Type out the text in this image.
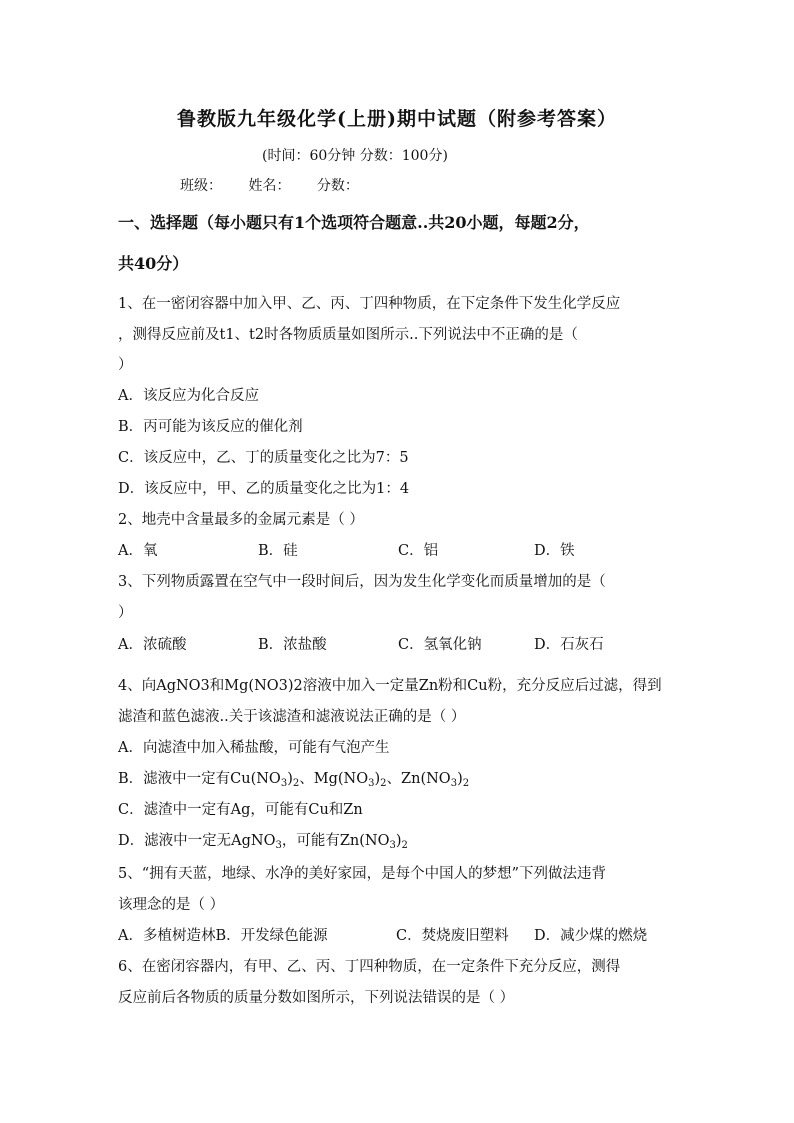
鲁教版九年级化学(上册)期中试题（附参考答案）
(时间：60分钟 分数：100分)
班级： 姓名： 分数：
一、选择题（每小题只有1个选项符合题意..共20小题，每题2分，
共40分）
1、在一密闭容器中加入甲、乙、丙、丁四种物质，在下定条件下发生化学反应
，测得反应前及t1、t2时各物质质量如图所示..下列说法中不正确的是（
）
A．该反应为化合反应
B．丙可能为该反应的催化剂
C．该反应中，乙、丁的质量变化之比为7：5
D．该反应中，甲、乙的质量变化之比为1：4
2、地壳中含量最多的金属元素是（ ）
A．氧	B．硅	C．铝	D．铁
3、下列物质露置在空气中一段时间后，因为发生化学变化而质量增加的是（
）
A．浓硫酸	B．浓盐酸	C．氢氧化钠	D．石灰石
4、向AgNO3和Mg(NO3)2溶液中加入一定量Zn粉和Cu粉，充分反应后过滤，得到
滤渣和蓝色滤液..关于该滤渣和滤液说法正确的是（ ）
A．向滤渣中加入稀盐酸，可能有气泡产生
B．滤液中一定有$Cu(NO_3)_2$、$Mg(NO_3)_2$、$Zn(NO_3)_2$
C．滤渣中一定有Ag，可能有Cu和Zn
D．滤液中一定无AgNO$_3$，可能有$Zn(NO_3)_2$
5、“拥有天蓝，地绿、水净的美好家园，是每个中国人的梦想”下列做法违背
该理念的是（ ）
A．多植树造林B．开发绿色能源	C．焚烧废旧塑料 D．减少煤的燃烧
6、在密闭容器内，有甲、乙、丙、丁四种物质，在一定条件下充分反应，测得
反应前后各物质的质量分数如图所示，下列说法错误的是（ ）
